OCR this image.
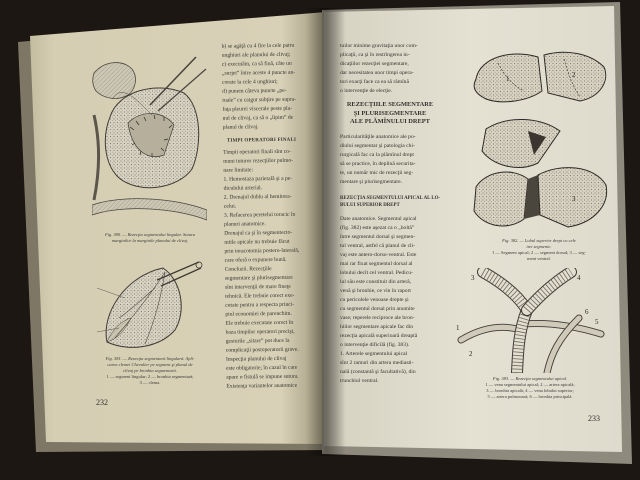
Fig. 380. — Rezecţia segmentului lingular. Sutura
marginilor la marginile planului de clivaj.
Fig. 381. — Rezecţia segmentară lingulară. Apli-
carea clemei Chevalier pe segment şi planul de
clivaj pe bronhia segmentară.
1 — segment lingular; 2 — bronhia segmentară;
3 — clema.
b) se agăţă cu 4 fire la cele patru
unghiuri ale planului de clivaj;
c) executăm, ca să fină, câte un
„surjet” între aceste 4 puncte an-
corate la cele 4 unghiuri;
d) punem câteva puncte „pe-
tuale” cu catgut subţire pe supra-
faţa pleurei viscerale peste pla-
nul de clivaj, ca să o „lipim” de
planul de clivaj.
TIMPI OPERATORI FINALI
Timpii operatori finali sînt co-
muni tuturor rezecţiilor pulmo-
nare limitate:
1. Hemostaza parietală şi a pe-
diculului arterial.
2. Drenajul dublu al hemitora-
celui.
3. Refacerea peretelui toracic în
planuri anatomice.
Drenajul ca şi în segmentecto-
miile apicale nu trebuie făcut
prin toracotomia postero-laterală,
care oferă o expunere bună.
Concluzii. Rezecţiile
segmentare şi plurisegmentare
sînt intervenţii de mare fineţe
tehnică. Ele trebuie corect exe-
cutate pentru a respecta princi-
piul economiei de parenchim.
Ele trebuie executate corect în
baza timpilor operatori precişi,
gesturile „sitare” pot duce la
complicaţii postoperatorii grave.
Inspecţia planului de clivaj
este obligatorie; în cazul în care
apare o fistulă se impune sutura.
Existenţa variantelor anatomice
232
tuilor minime gravitaţia unor com-
plicaţii, ca şi în restrîngerea in-
dicaţiilor rezecţiei segmentare,
dar necesitatea unor timpi opera-
tori exacţi face ca ea să rămînă
o intervenţie de elecţie.
REZECŢIILE SEGMENTARE
ŞI PLURISEGMENTARE
ALE PLĂMÎNULUI DREPT
Particularităţile anatomice ale po-
diului segmentar şi patologia chi-
rurgicală fac ca la plămînul drept
să se practice, în deplină securita-
te, un număr mic de rezecţii seg-
mentare şi plurisegmentare.
REZECŢIA SEGMENTULUI APICAL AL LO-
BULUI SUPERIOR DREPT
Date anatomice. Segmentul apical
(fig. 382) este aşezat ca o „boltă”
între segmentul dorsal şi segmen-
tul ventral, astfel că planul de cli-
vaj este antero-dorso-ventral. Este
mai rar fixat segmentul dorsal al
lobului decît cel ventral. Pedicu-
lul său este constituit din arteră,
venă şi bronhie, ce vin în raport
cu pericolele venoase drepte şi
cu segmentul dorsal prin anumite
vase; reperele reciproce ale bron-
hiilor segmentare apicale fac din
rezecţia apicală superioară dreaptă
o intervenţie dificilă (fig. 383).
1. Arterele segmentului apical
sînt 2 ramuri din artera mediasti-
nală (constantă şi facultativă), din
trunchiul ventral.
1	2
3
Fig. 382. — Lobul superior drept cu cele
trei segmente.
1 — Segment apical; 2 — segment dorsal; 3 — seg-
ment ventral.
1
2
3	4
5
6
Fig. 383. — Rezecţia segmentului apical.
1 — vena segmentului apical; 2 — artera apicală;
3 — bronhia apicală; 4 — vena lobului superior;
5 — artera pulmonară; 6 — bronhia principală.
233
